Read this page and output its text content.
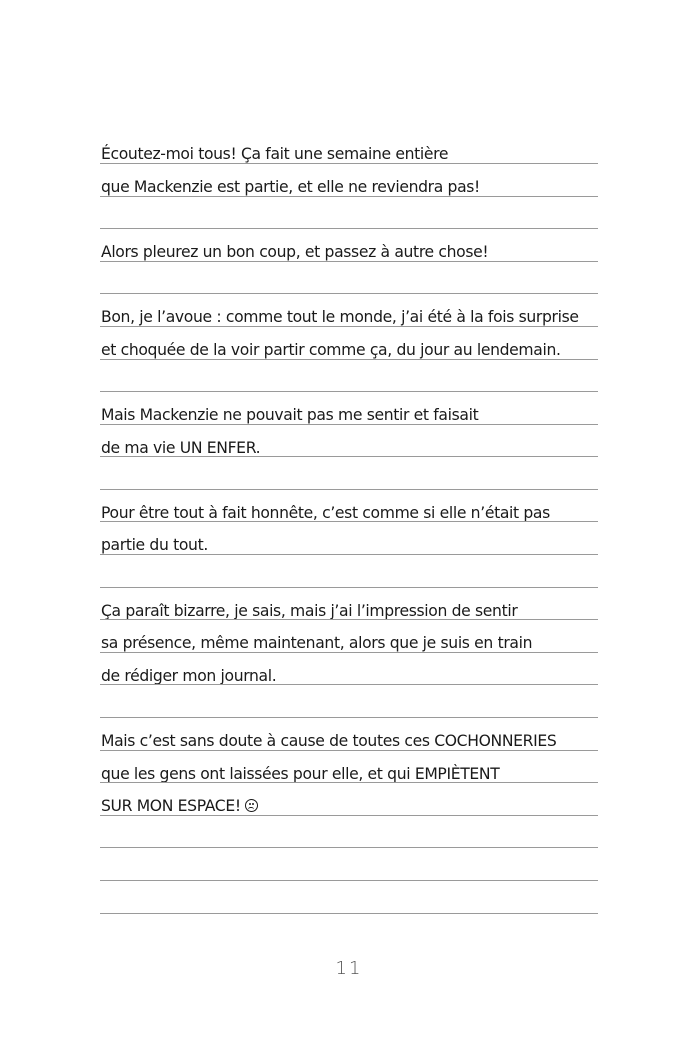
Écoutez-moi tous! Ça fait une semaine entière
que Mackenzie est partie, et elle ne reviendra pas!
Alors pleurez un bon coup, et passez à autre chose!
Bon, je l’avoue : comme tout le monde, j’ai été à la fois surprise
et choquée de la voir partir comme ça, du jour au lendemain.
Mais Mackenzie ne pouvait pas me sentir et faisait
de ma vie UN ENFER.
Pour être tout à fait honnête, c’est comme si elle n’était pas
partie du tout.
Ça paraît bizarre, je sais, mais j’ai l’impression de sentir
sa présence, même maintenant, alors que je suis en train
de rédiger mon journal.
Mais c’est sans doute à cause de toutes ces COCHONNERIES
que les gens ont laissées pour elle, et qui EMPIÈTENT
SUR MON ESPACE!
11
